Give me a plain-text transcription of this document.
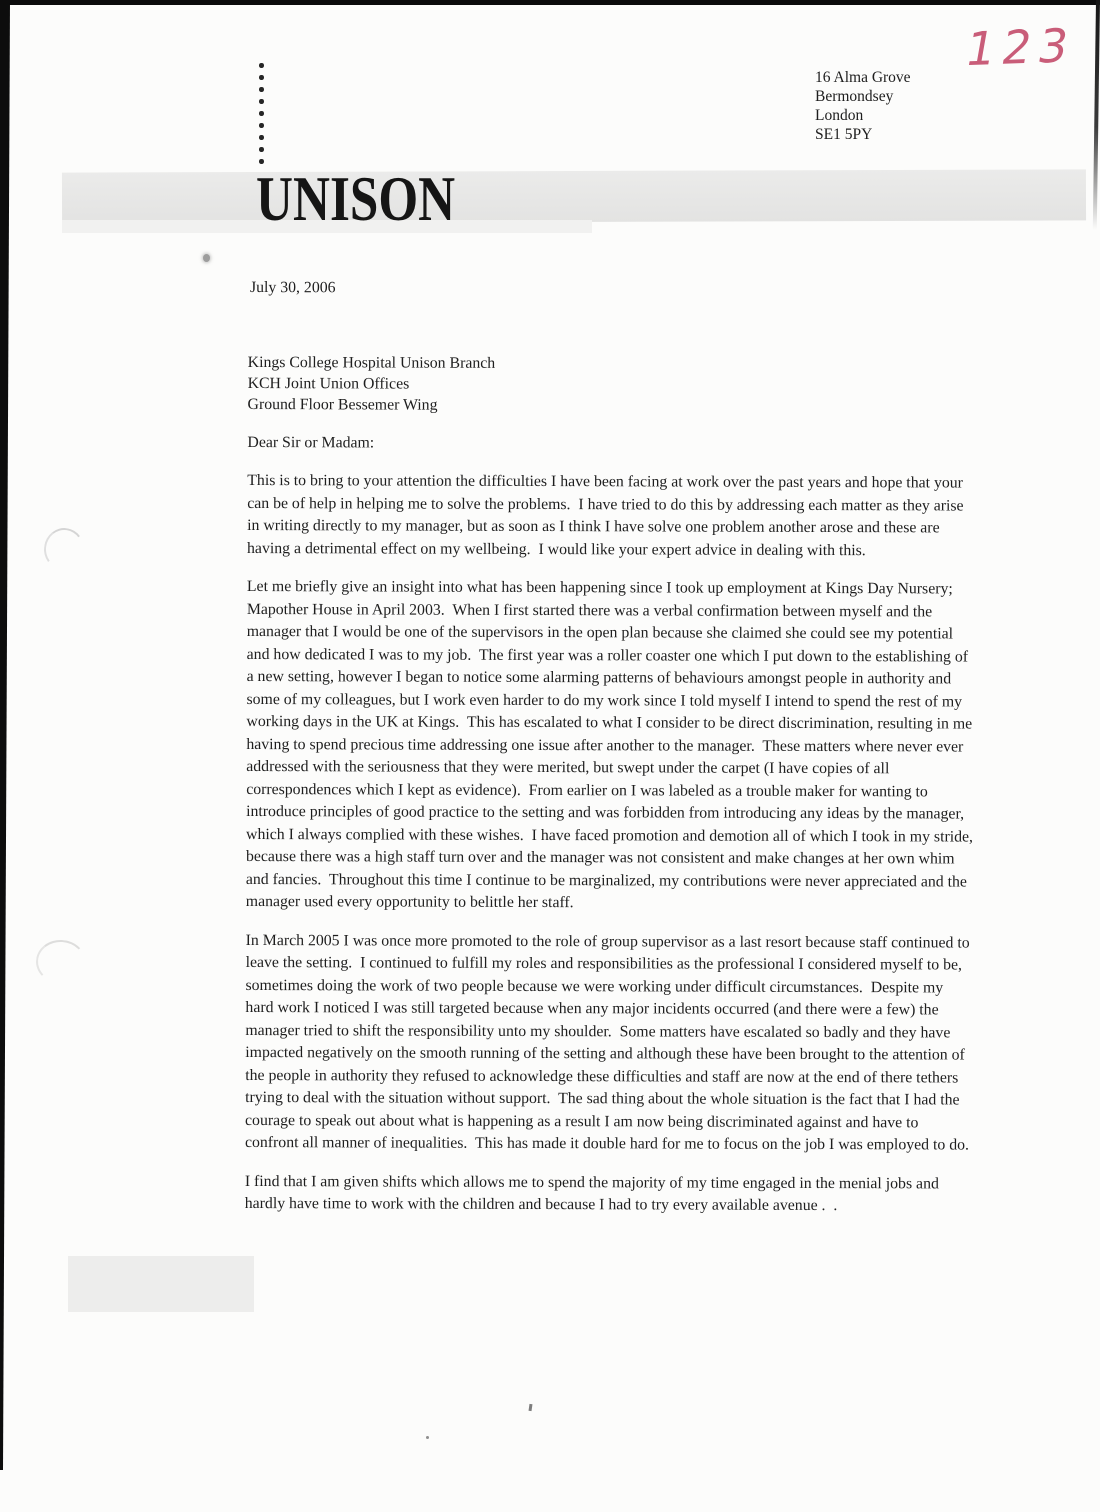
123
16 Alma Grove
Bermondsey
London
SE1 5PY
UNISON
July 30, 2006
Kings College Hospital Unison Branch
KCH Joint Union Offices
Ground Floor Bessemer Wing
Dear Sir or Madam:

This is to bring to your attention the difficulties I have been facing at work over the past years and hope that your can be of help in helping me to solve the problems.  I have tried to do this by addressing each matter as they arise in writing directly to my manager, but as soon as I think I have solve one problem another arose and these are having a detrimental effect on my wellbeing.  I would like your expert advice in dealing with this.

Let me briefly give an insight into what has been happening since I took up employment at Kings Day Nursery; Mapother House in April 2003.  When I first started there was a verbal confirmation between myself and the manager that I would be one of the supervisors in the open plan because she claimed she could see my potential and how dedicated I was to my job.  The first year was a roller coaster one which I put down to the establishing of a new setting, however I began to notice some alarming patterns of behaviours amongst people in authority and some of my colleagues, but I work even harder to do my work since I told myself I intend to spend the rest of my working days in the UK at Kings.  This has escalated to what I consider to be direct discrimination, resulting in me having to spend precious time addressing one issue after another to the manager.  These matters where never ever addressed with the seriousness that they were merited, but swept under the carpet (I have copies of all correspondences which I kept as evidence).  From earlier on I was labeled as a trouble maker for wanting to introduce principles of good practice to the setting and was forbidden from introducing any ideas by the manager, which I always complied with these wishes.  I have faced promotion and demotion all of which I took in my stride, because there was a high staff turn over and the manager was not consistent and make changes at her own whim and fancies.  Throughout this time I continue to be marginalized, my contributions were never appreciated and the manager used every opportunity to belittle her staff.

In March 2005 I was once more promoted to the role of group supervisor as a last resort because staff continued to leave the setting.  I continued to fulfill my roles and responsibilities as the professional I considered myself to be, sometimes doing the work of two people because we were working under difficult circumstances.  Despite my hard work I noticed I was still targeted because when any major incidents occurred (and there were a few) the manager tried to shift the responsibility unto my shoulder.  Some matters have escalated so badly and they have impacted negatively on the smooth running of the setting and although these have been brought to the attention of the people in authority they refused to acknowledge these difficulties and staff are now at the end of there tethers trying to deal with the situation without support.  The sad thing about the whole situation is the fact that I had the courage to speak out about what is happening as a result I am now being discriminated against and have to confront all manner of inequalities.  This has made it double hard for me to focus on the job I was employed to do.

I find that I am given shifts which allows me to spend the majority of my time engaged in the menial jobs and hardly have time to work with the children and because I had to try every available avenue .  .
